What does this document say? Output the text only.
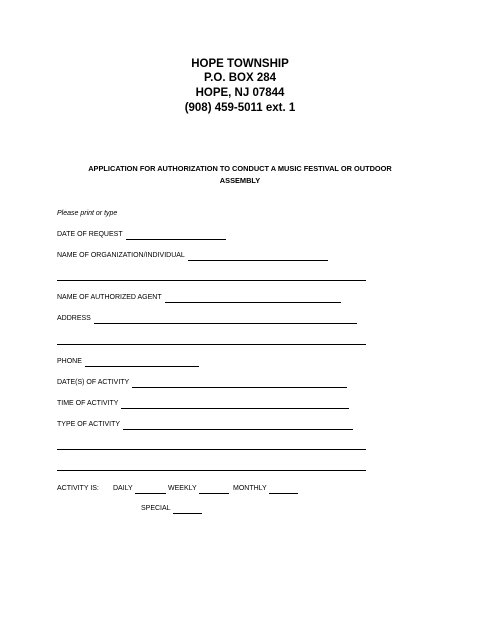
HOPE TOWNSHIP
P.O. BOX 284
HOPE, NJ 07844
(908) 459-5011 ext. 1
APPLICATION FOR AUTHORIZATION TO CONDUCT A MUSIC FESTIVAL OR OUTDOOR
ASSEMBLY
Please print or type
DATE OF REQUEST
NAME OF ORGANIZATION/INDIVIDUAL
NAME OF AUTHORIZED AGENT
ADDRESS
PHONE
DATE(S) OF ACTIVITY
TIME OF ACTIVITY
TYPE OF ACTIVITY
ACTIVITY IS: DAILY	WEEKLY	MONTHLY
SPECIAL
